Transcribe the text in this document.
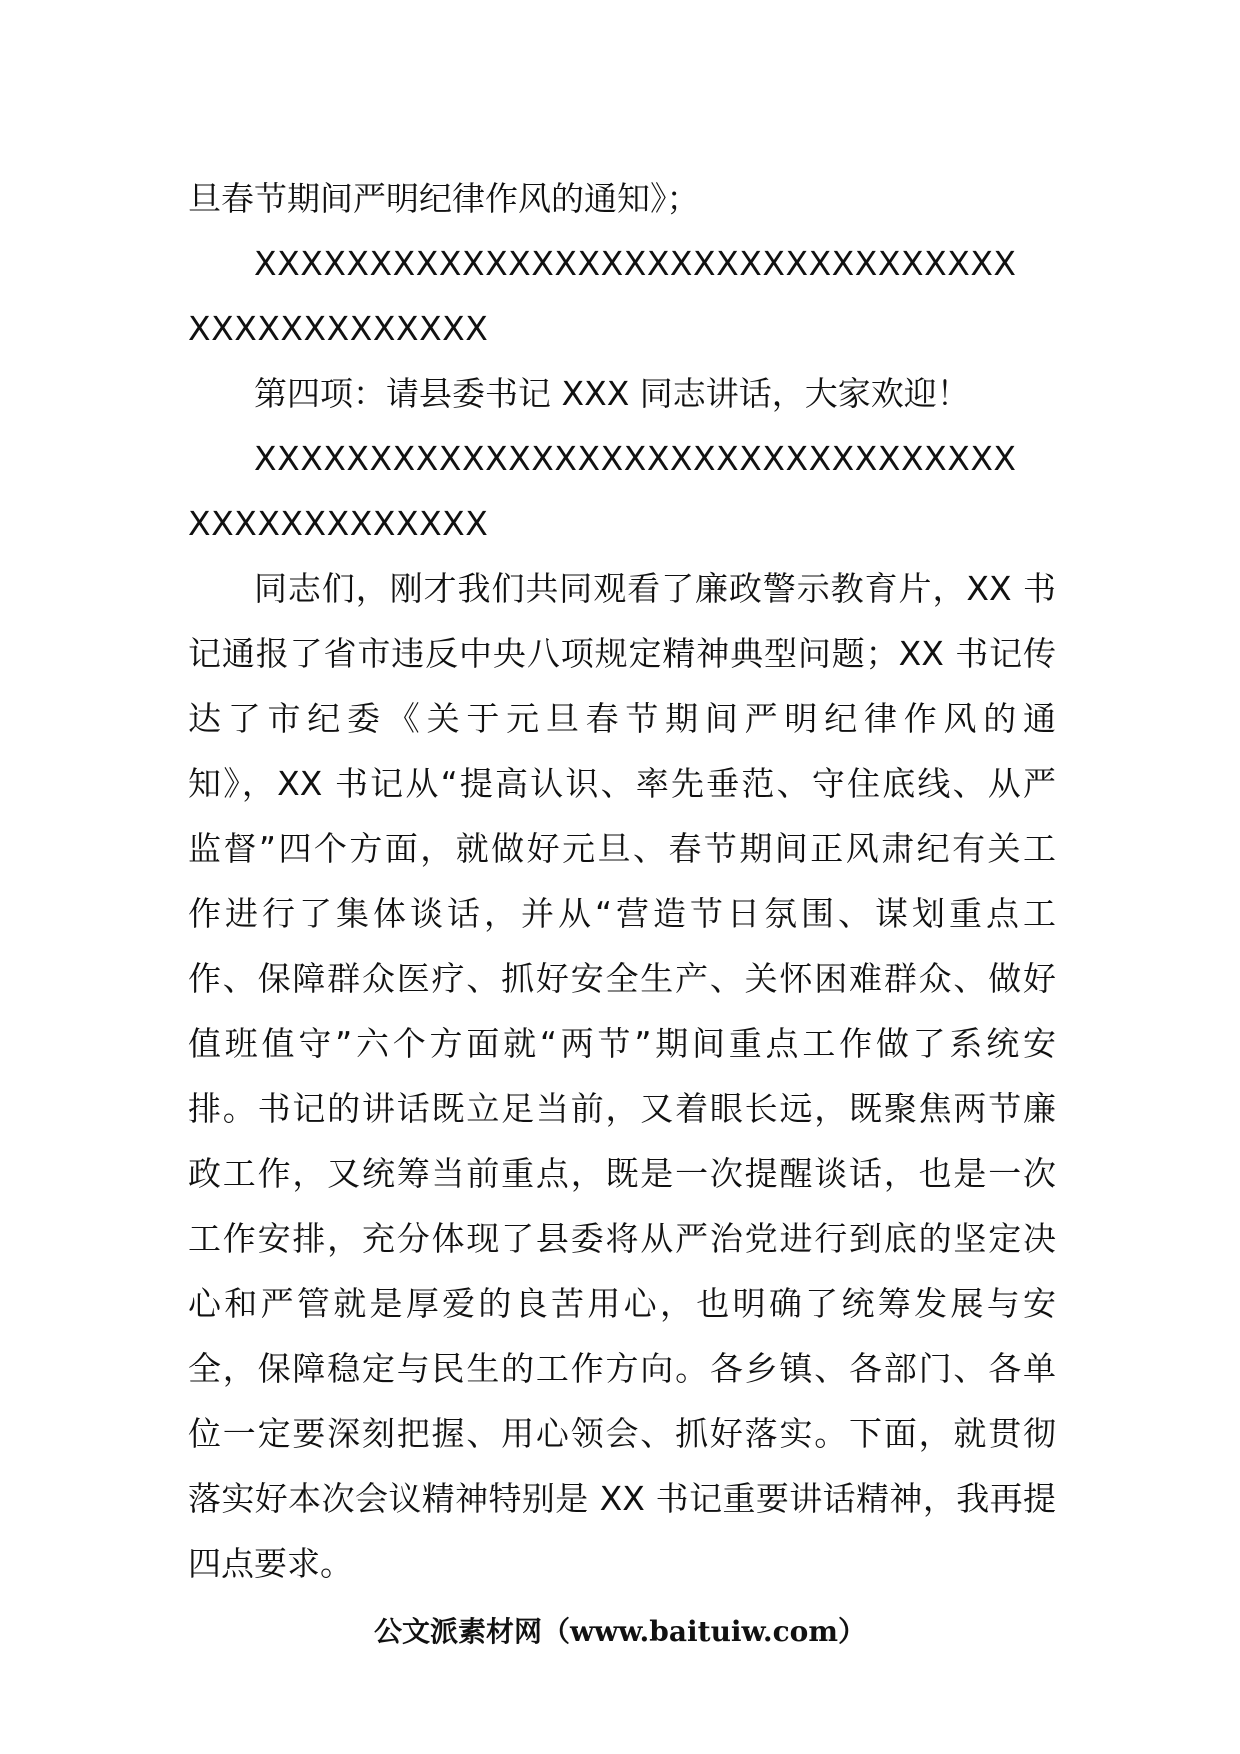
旦春节期间严明纪律作风的通知》；
XXXXXXXXXXXXXXXXXXXXXXXXXXXXXXXXX
XXXXXXXXXXXXX
第四项：请县委书记 XXX 同志讲话，大家欢迎！
XXXXXXXXXXXXXXXXXXXXXXXXXXXXXXXXX
XXXXXXXXXXXXX
同志们，刚才我们共同观看了廉政警示教育片，XX 书
记通报了省市违反中央八项规定精神典型问题；XX 书记传
达了市纪委《关于元旦春节期间严明纪律作风的通
知》，XX 书记从“提高认识、率先垂范、守住底线、从严
监督”四个方面，就做好元旦、春节期间正风肃纪有关工
作进行了集体谈话，并从“营造节日氛围、谋划重点工
作、保障群众医疗、抓好安全生产、关怀困难群众、做好
值班值守”六个方面就“两节”期间重点工作做了系统安
排。书记的讲话既立足当前，又着眼长远，既聚焦两节廉
政工作，又统筹当前重点，既是一次提醒谈话，也是一次
工作安排，充分体现了县委将从严治党进行到底的坚定决
心和严管就是厚爱的良苦用心，也明确了统筹发展与安
全，保障稳定与民生的工作方向。各乡镇、各部门、各单
位一定要深刻把握、用心领会、抓好落实。下面，就贯彻
落实好本次会议精神特别是 XX 书记重要讲话精神，我再提
四点要求。
公文派素材网（www.baituiw.com）
